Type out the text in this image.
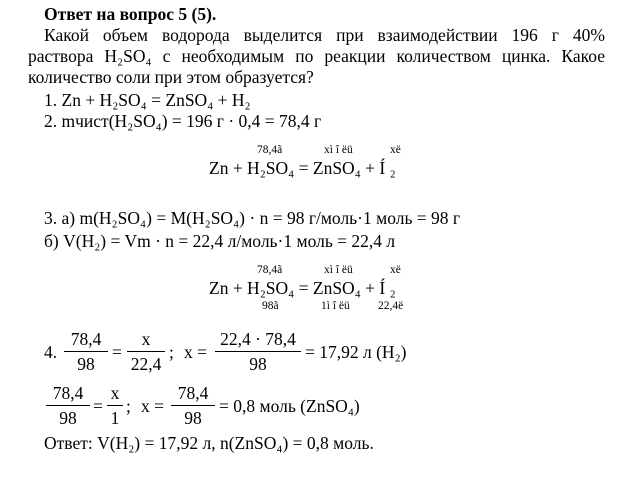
Ответ на вопрос 5 (5).
Какой объем водорода выделится при взаимодействии 196 г 40%
раствора H₂SO₄ с необходимым по реакции количеством цинка. Какое
количество соли при этом образуется?
1. Zn + H₂SO₄ = ZnSO₄ + H₂
2. mчист(H₂SO₄) = 196 г · 0,4 = 78,4 г
78,4ã	xì î ëü	xë
Zn + H₂SO₄ = ZnSO₄ + Í ₂
3. а) m(H₂SO₄) = M(H₂SO₄) · n = 98 г/моль·1 моль = 98 г
б) V(H₂) = Vm · n = 22,4 л/моль·1 моль = 22,4 л
78,4ã	xì î ëü	xë
Zn + H₂SO₄ = ZnSO₄ + Í ₂
98ã	1ì î ëü 22,4ë
4.
78,4
98
=
x
22,4
; x =
22,4 · 78,4
98
= 17,92 л (H₂)
78,4
98
=
x
1
; x =
78,4
98
= 0,8 моль (ZnSO₄)
Ответ: V(H₂) = 17,92 л, n(ZnSO₄) = 0,8 моль.
